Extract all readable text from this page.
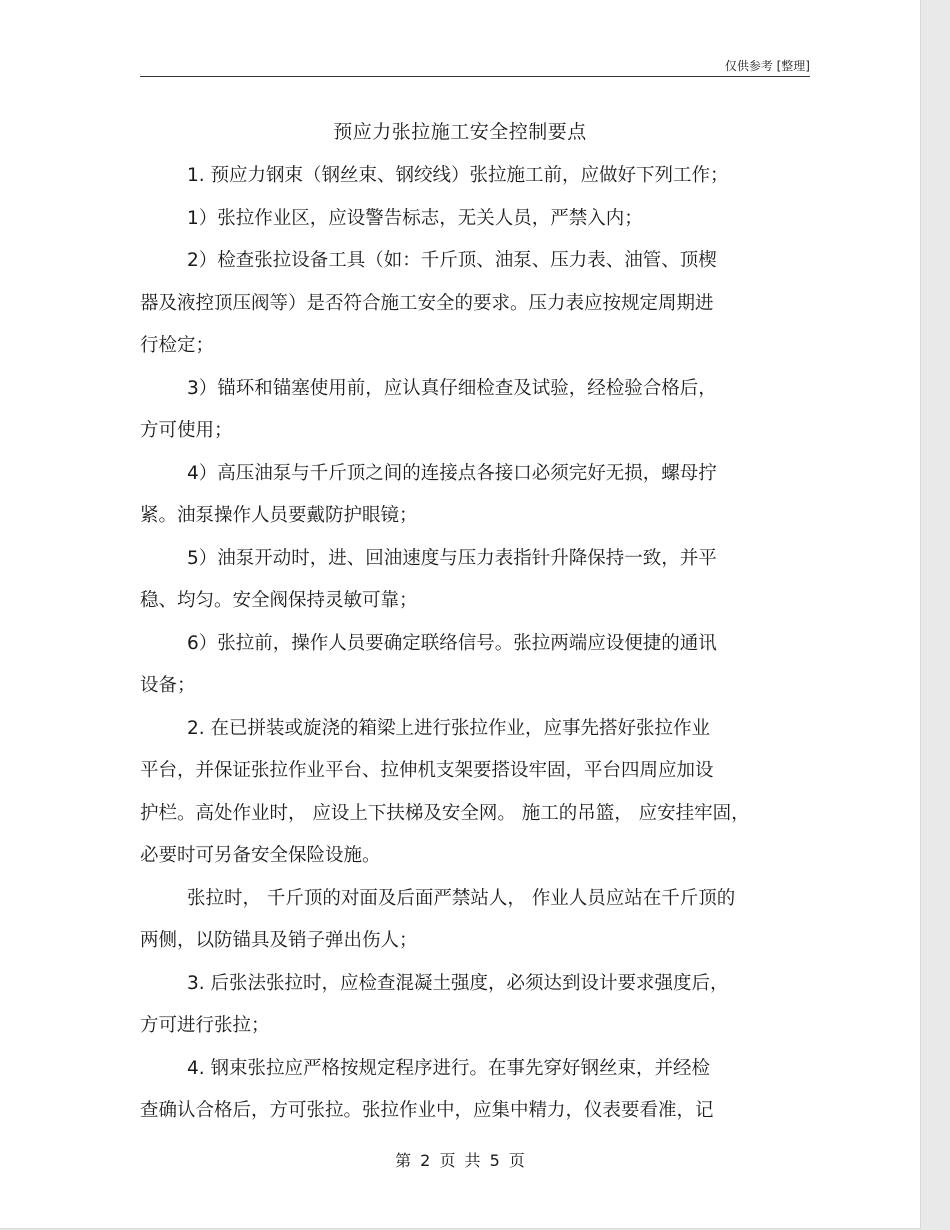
仅供参考 [整理]
预应力张拉施工安全控制要点
1. 预应力钢束（钢丝束、钢绞线）张拉施工前，应做好下列工作；
1）张拉作业区，应设警告标志，无关人员，严禁入内；
2）检查张拉设备工具（如：千斤顶、油泵、压力表、油管、顶楔
器及液控顶压阀等）是否符合施工安全的要求。压力表应按规定周期进
行检定；
3）锚环和锚塞使用前，应认真仔细检查及试验，经检验合格后，
方可使用；
4）高压油泵与千斤顶之间的连接点各接口必须完好无损，螺母拧
紧。油泵操作人员要戴防护眼镜；
5）油泵开动时，进、回油速度与压力表指针升降保持一致，并平
稳、均匀。安全阀保持灵敏可靠；
6）张拉前，操作人员要确定联络信号。张拉两端应设便捷的通讯
设备；
2. 在已拼装或旋浇的箱梁上进行张拉作业，应事先搭好张拉作业
平台，并保证张拉作业平台、拉伸机支架要搭设牢固，平台四周应加设
护栏。高处作业时， 应设上下扶梯及安全网。 施工的吊篮， 应安挂牢固，
必要时可另备安全保险设施。
张拉时， 千斤顶的对面及后面严禁站人， 作业人员应站在千斤顶的
两侧，以防锚具及销子弹出伤人；
3. 后张法张拉时，应检查混凝土强度，必须达到设计要求强度后，
方可进行张拉；
4. 钢束张拉应严格按规定程序进行。在事先穿好钢丝束，并经检
查确认合格后，方可张拉。张拉作业中，应集中精力，仪表要看准，记
第 2 页 共 5 页
